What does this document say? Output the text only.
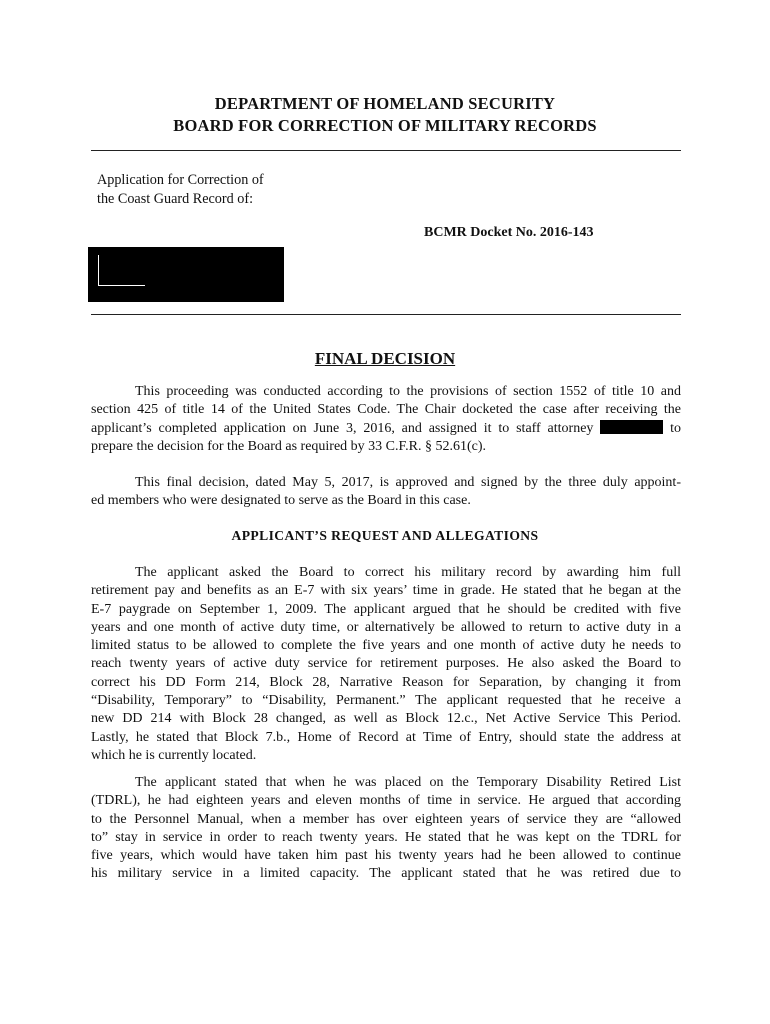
DEPARTMENT OF HOMELAND SECURITY
BOARD FOR CORRECTION OF MILITARY RECORDS
Application for Correction of
the Coast Guard Record of:
BCMR Docket No. 2016-143
FINAL DECISION
This proceeding was conducted according to the provisions of section 1552 of title 10 and
section 425 of title 14 of the United States Code. The Chair docketed the case after receiving the
applicant’s completed application on June 3, 2016, and assigned it to staff attorney	to
prepare the decision for the Board as required by 33 C.F.R. § 52.61(c).
This final decision, dated May 5, 2017, is approved and signed by the three duly appoint-
ed members who were designated to serve as the Board in this case.
APPLICANT’S REQUEST AND ALLEGATIONS
The applicant asked the Board to correct his military record by awarding him full
retirement pay and benefits as an E-7 with six years’ time in grade. He stated that he began at the
E-7 paygrade on September 1, 2009. The applicant argued that he should be credited with five
years and one month of active duty time, or alternatively be allowed to return to active duty in a
limited status to be allowed to complete the five years and one month of active duty he needs to
reach twenty years of active duty service for retirement purposes. He also asked the Board to
correct his DD Form 214, Block 28, Narrative Reason for Separation, by changing it from
“Disability, Temporary” to “Disability, Permanent.” The applicant requested that he receive a
new DD 214 with Block 28 changed, as well as Block 12.c., Net Active Service This Period.
Lastly, he stated that Block 7.b., Home of Record at Time of Entry, should state the address at
which he is currently located.
The applicant stated that when he was placed on the Temporary Disability Retired List
(TDRL), he had eighteen years and eleven months of time in service. He argued that according
to the Personnel Manual, when a member has over eighteen years of service they are “allowed
to” stay in service in order to reach twenty years. He stated that he was kept on the TDRL for
five years, which would have taken him past his twenty years had he been allowed to continue
his military service in a limited capacity. The applicant stated that he was retired due to
